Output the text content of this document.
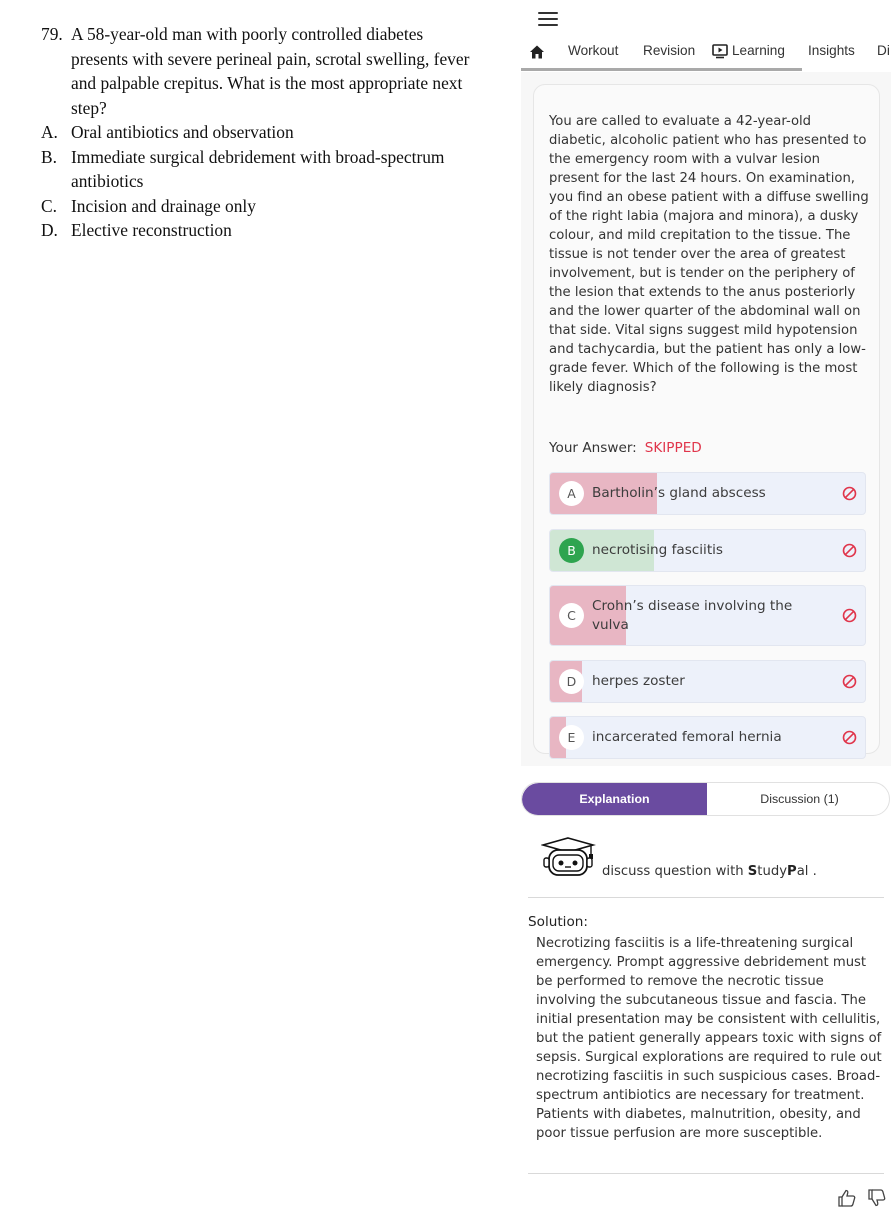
79. A 58-year-old man with poorly controlled diabetes presents with severe perineal pain, scrotal swelling, fever and palpable crepitus. What is the most appropriate next step?
A. Oral antibiotics and observation
B. Immediate surgical debridement with broad-spectrum antibiotics
C. Incision and drainage only
D. Elective reconstruction
Workout Revision	Learning Insights Di

You are called to evaluate a 42-year-old diabetic, alcoholic patient who has presented to the emergency room with a vulvar lesion present for the last 24 hours. On examination, you find an obese patient with a diffuse swelling of the right labia (majora and minora), a dusky colour, and mild crepitation to the tissue. The tissue is not tender over the area of greatest involvement, but is tender on the periphery of the lesion that extends to the anus posteriorly and the lower quarter of the abdominal wall on that side. Vital signs suggest mild hypotension and tachycardia, but the patient has only a low-grade fever. Which of the following is the most likely diagnosis?

Your Answer: SKIPPED
A	Bartholin’s gland abscess
B	necrotising fasciitis
C
Crohn’s disease involving the vulva
D	herpes zoster
E	incarcerated femoral hernia
Explanation	Discussion (1)
discuss question with StudyPal .
Solution:

Necrotizing fasciitis is a life-threatening surgical emergency. Prompt aggressive debridement must be performed to remove the necrotic tissue involving the subcutaneous tissue and fascia. The initial presentation may be consistent with cellulitis, but the patient generally appears toxic with signs of sepsis. Surgical explorations are required to rule out necrotizing fasciitis in such suspicious cases. Broad-spectrum antibiotics are necessary for treatment. Patients with diabetes, malnutrition, obesity, and poor tissue perfusion are more susceptible.
